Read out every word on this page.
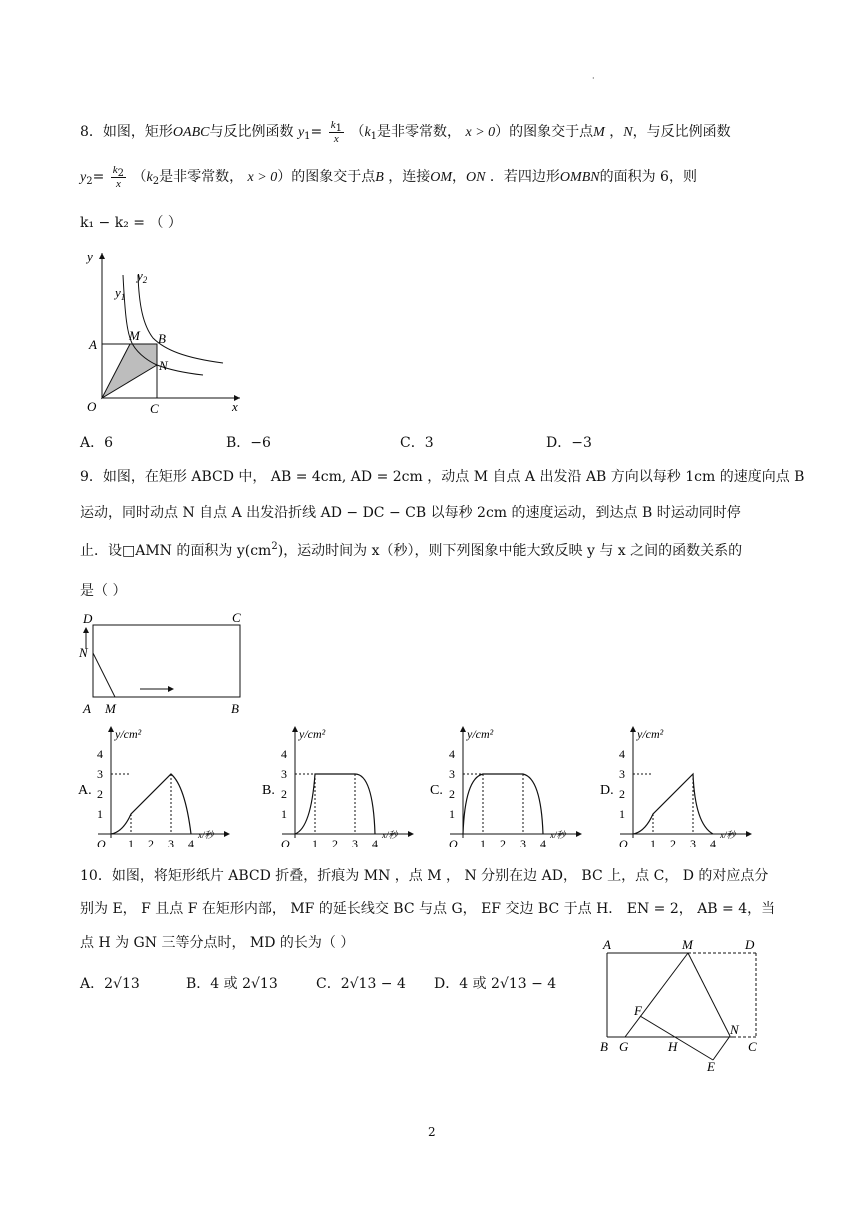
·
8．如图，矩形OABC与反比例函数 $y_1= \frac{k1}{x} (k_1$是非零常数， x > 0）的图象交于点M ，N，与反比例函数
$y_2= \frac{k2}{x} (k_2$是非零常数， x > 0）的图象交于点B ，连接OM，ON ．若四边形OMBN的面积为 6，则
k₁ − k₂ = （ ）
y
$y_1$
$y_2$
A
M B
N
O	C	x
A．6	B．−6	C．3	D．−3
9．如图，在矩形 ABCD 中， AB = 4cm, AD = 2cm ，动点 M 自点 A 出发沿 AB 方向以每秒 1cm 的速度向点 B
运动，同时动点 N 自点 A 出发沿折线 AD − DC − CB 以每秒 2cm 的速度运动，到达点 B 时运动同时停
止．设□AMN 的面积为 $y(cm^2)$，运动时间为 x（秒），则下列图象中能大致反映 y 与 x 之间的函数关系的
是（ ）
D	C
N
A M	B
A.
y/cm²
x/秒
1
2
3
4
O 1 2 3 4
B.
y/cm²
x/秒
1
2
3
4
O 1 2 3 4
C.
y/cm²
x/秒
1
2
3
4
O 1 2 3 4
D.
y/cm²
x/秒
1
2
3
4
O 1 2 3 4
10．如图，将矩形纸片 ABCD 折叠，折痕为 MN ，点 M ， N 分别在边 AD， BC 上，点 C， D 的对应点分
别为 E， F 且点 F 在矩形内部， MF 的延长线交 BC 与点 G， EF 交边 BC 于点 H． EN = 2， AB = 4，当
点 H 为 GN 三等分点时， MD 的长为（ ）
A．2√13	B．4 或 2√13	C．2√13 − 4 D．4 或 2√13 − 4
A	M	D
F
N
B G	H	C
E
2
